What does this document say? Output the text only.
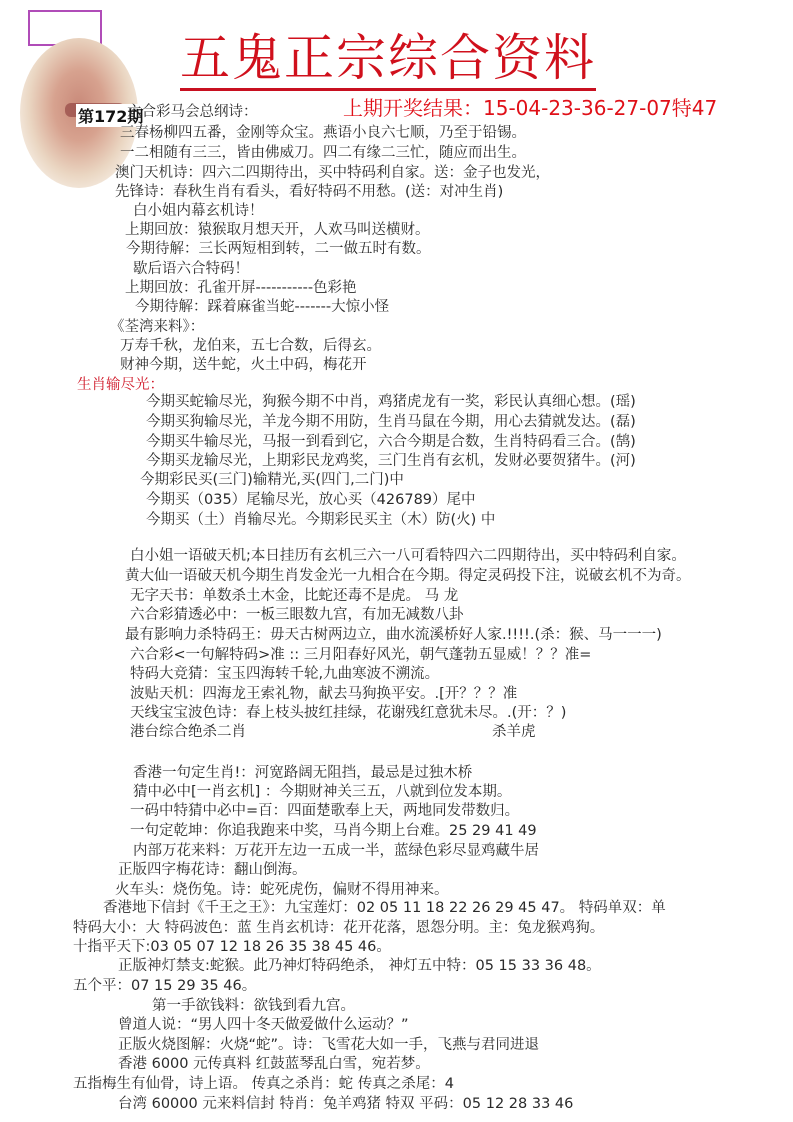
五鬼正宗综合资料
上期开奖结果：15-04-23-36-27-07特47
第172期
六合彩马会总纲诗：
三春杨柳四五番，金刚等众宝。燕语小良六七顺，乃至于铅锡。
一二相随有三三，皆由佛威刀。四二有缘二三忙，随应而出生。
澳门天机诗：四六二四期待出，买中特码利自家。送：金子也发光，
先锋诗：春秋生肖有看头，看好特码不用愁。(送：对冲生肖)
白小姐内幕玄机诗！
上期回放：猿猴取月想天开，人欢马叫送横财。
今期待解：三长两短相到转，二一做五时有数。
歇后语六合特码！
上期回放：孔雀开屏-----------色彩艳
今期待解：踩着麻雀当蛇-------大惊小怪
《荃湾来料》：
万寿千秋，龙伯来，五七合数，后得玄。
财神今期，送牛蛇，火土中码，梅花开
生肖输尽光：
今期买蛇输尽光，狗猴今期不中肖，鸡猪虎龙有一奖，彩民认真细心想。(瑶)
今期买狗输尽光，羊龙今期不用防，生肖马鼠在今期，用心去猜就发达。(磊)
今期买牛输尽光，马报一到看到它，六合今期是合数，生肖特码看三合。(鹄)
今期买龙输尽光，上期彩民龙鸡奖，三门生肖有玄机，发财必要贺猪牛。(河)
今期彩民买(三门)输精光,买(四门,二门)中
今期买（035）尾输尽光，放心买（426789）尾中
今期买（土）肖输尽光。今期彩民买主（木）防(火) 中
白小姐一语破天机;本日挂历有玄机三六一八可看特四六二四期待出，买中特码利自家。
黄大仙一语破天机今期生肖发金光一九相合在今期。得定灵码投下注，说破玄机不为奇。
无字天书：单数杀土木金，比蛇还毒不是虎。 马 龙
六合彩猜透必中：一板三眼数九宫，有加无减数八卦
最有影响力杀特码王：毋天古树两边立，曲水流溪桥好人家.!!!!.(杀：猴、马一一一)
六合彩<一句解特码>准 :: 三月阳春好风光，朝气蓬勃五显威！？？准=
特码大竞猜：宝玉四海转千轮,九曲寒波不溯流。
波贴天机：四海龙王索礼物，献去马狗换平安。.[开？？？准
天线宝宝波色诗：春上枝头披红挂绿，花谢残红意犹未尽。.(开：？)
港台综合绝杀二肖	杀羊虎
香港一句定生肖!：河宽路阔无阻挡，最忌是过独木桥
猜中必中[一肖玄机] ：今期财神关三五，八就到位发本期。
一码中特猜中必中=百：四面楚歌奉上天，两地同发带数归。
一句定乾坤：你追我跑来中奖，马肖今期上台难。25 29 41 49
内部万花来料：万花开左边一五成一半，蓝绿色彩尽显鸡藏牛居
正版四字梅花诗：翻山倒海。
火车头：烧伤兔。诗：蛇死虎伤，偏财不得用神来。
香港地下信封《千王之王》：九宝莲灯：02 05 11 18 22 26 29 45 47。 特码单双：单
特码大小：大 特码波色：蓝 生肖玄机诗：花开花落，恩怨分明。主：兔龙猴鸡狗。
十指平天下:03 05 07 12 18 26 35 38 45 46。
正版神灯禁支:蛇猴。此乃神灯特码绝杀， 神灯五中特：05 15 33 36 48。
五个平：07 15 29 35 46。
第一手欲钱料：欲钱到看九宫。
曾道人说：“男人四十冬天做爱做什么运动？”
正版火烧图解：火烧“蛇”。诗：飞雪花大如一手，飞燕与君同进退
香港 6000 元传真料 红鼓蓝琴乱白雪，宛若梦。
五指梅生有仙骨，诗上语。 传真之杀肖：蛇 传真之杀尾：4
台湾 60000 元来料信封 特肖：兔羊鸡猪 特双 平码：05 12 28 33 46
